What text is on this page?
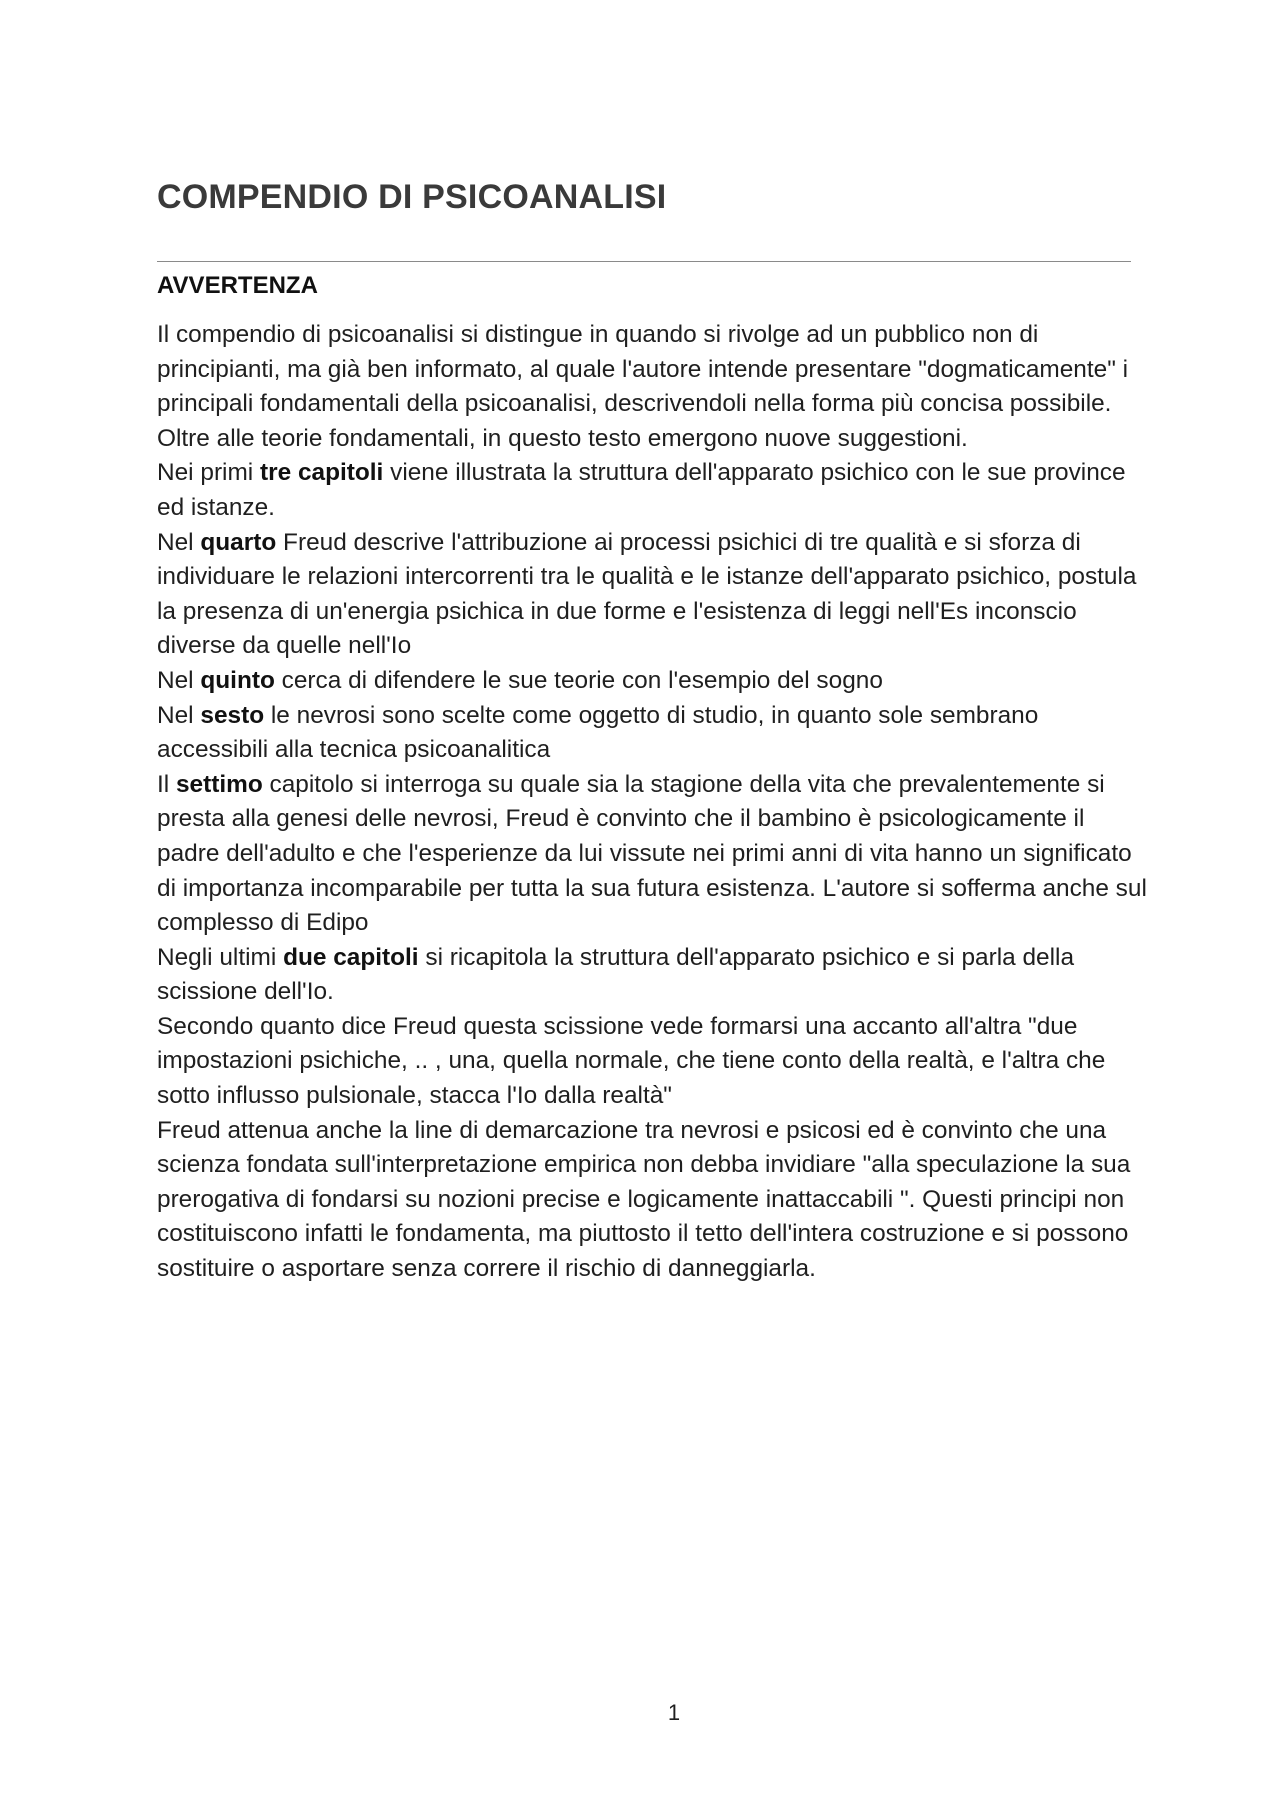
COMPENDIO DI PSICOANALISI
AVVERTENZA

Il compendio di psicoanalisi si distingue in quando si rivolge ad un pubblico non di principianti, ma già ben informato, al quale l'autore intende presentare "dogmaticamente" i principali fondamentali della psicoanalisi, descrivendoli nella forma più concisa possibile.

Oltre alle teorie fondamentali, in questo testo emergono nuove suggestioni.

Nei primi tre capitoli viene illustrata la struttura dell'apparato psichico con le sue province ed istanze.

Nel quarto Freud descrive l'attribuzione ai processi psichici di tre qualità e si sforza di individuare le relazioni intercorrenti tra le qualità e le istanze dell'apparato psichico, postula la presenza di un'energia psichica in due forme e l'esistenza di leggi nell'Es inconscio diverse da quelle nell'Io

Nel quinto cerca di difendere le sue teorie con l'esempio del sogno

Nel sesto le nevrosi sono scelte come oggetto di studio, in quanto sole sembrano accessibili alla tecnica psicoanalitica

Il settimo capitolo si interroga su quale sia la stagione della vita che prevalentemente si presta alla genesi delle nevrosi, Freud è convinto che il bambino è psicologicamente il padre dell'adulto e che l'esperienze da lui vissute nei primi anni di vita hanno un significato di importanza incomparabile per tutta la sua futura esistenza. L'autore si sofferma anche sul complesso di Edipo

Negli ultimi due capitoli si ricapitola la struttura dell'apparato psichico e si parla della scissione dell'Io.

Secondo quanto dice Freud questa scissione vede formarsi una accanto all'altra "due impostazioni psichiche, .. , una, quella normale, che tiene conto della realtà, e l'altra che sotto influsso pulsionale, stacca l'Io dalla realtà"

Freud attenua anche la line di demarcazione tra nevrosi e psicosi ed è convinto che una scienza fondata sull'interpretazione empirica non debba invidiare "alla speculazione la sua prerogativa di fondarsi su nozioni precise e logicamente inattaccabili ". Questi principi non costituiscono infatti le fondamenta, ma piuttosto il tetto dell'intera costruzione e si possono sostituire o asportare senza correre il rischio di danneggiarla.

1
